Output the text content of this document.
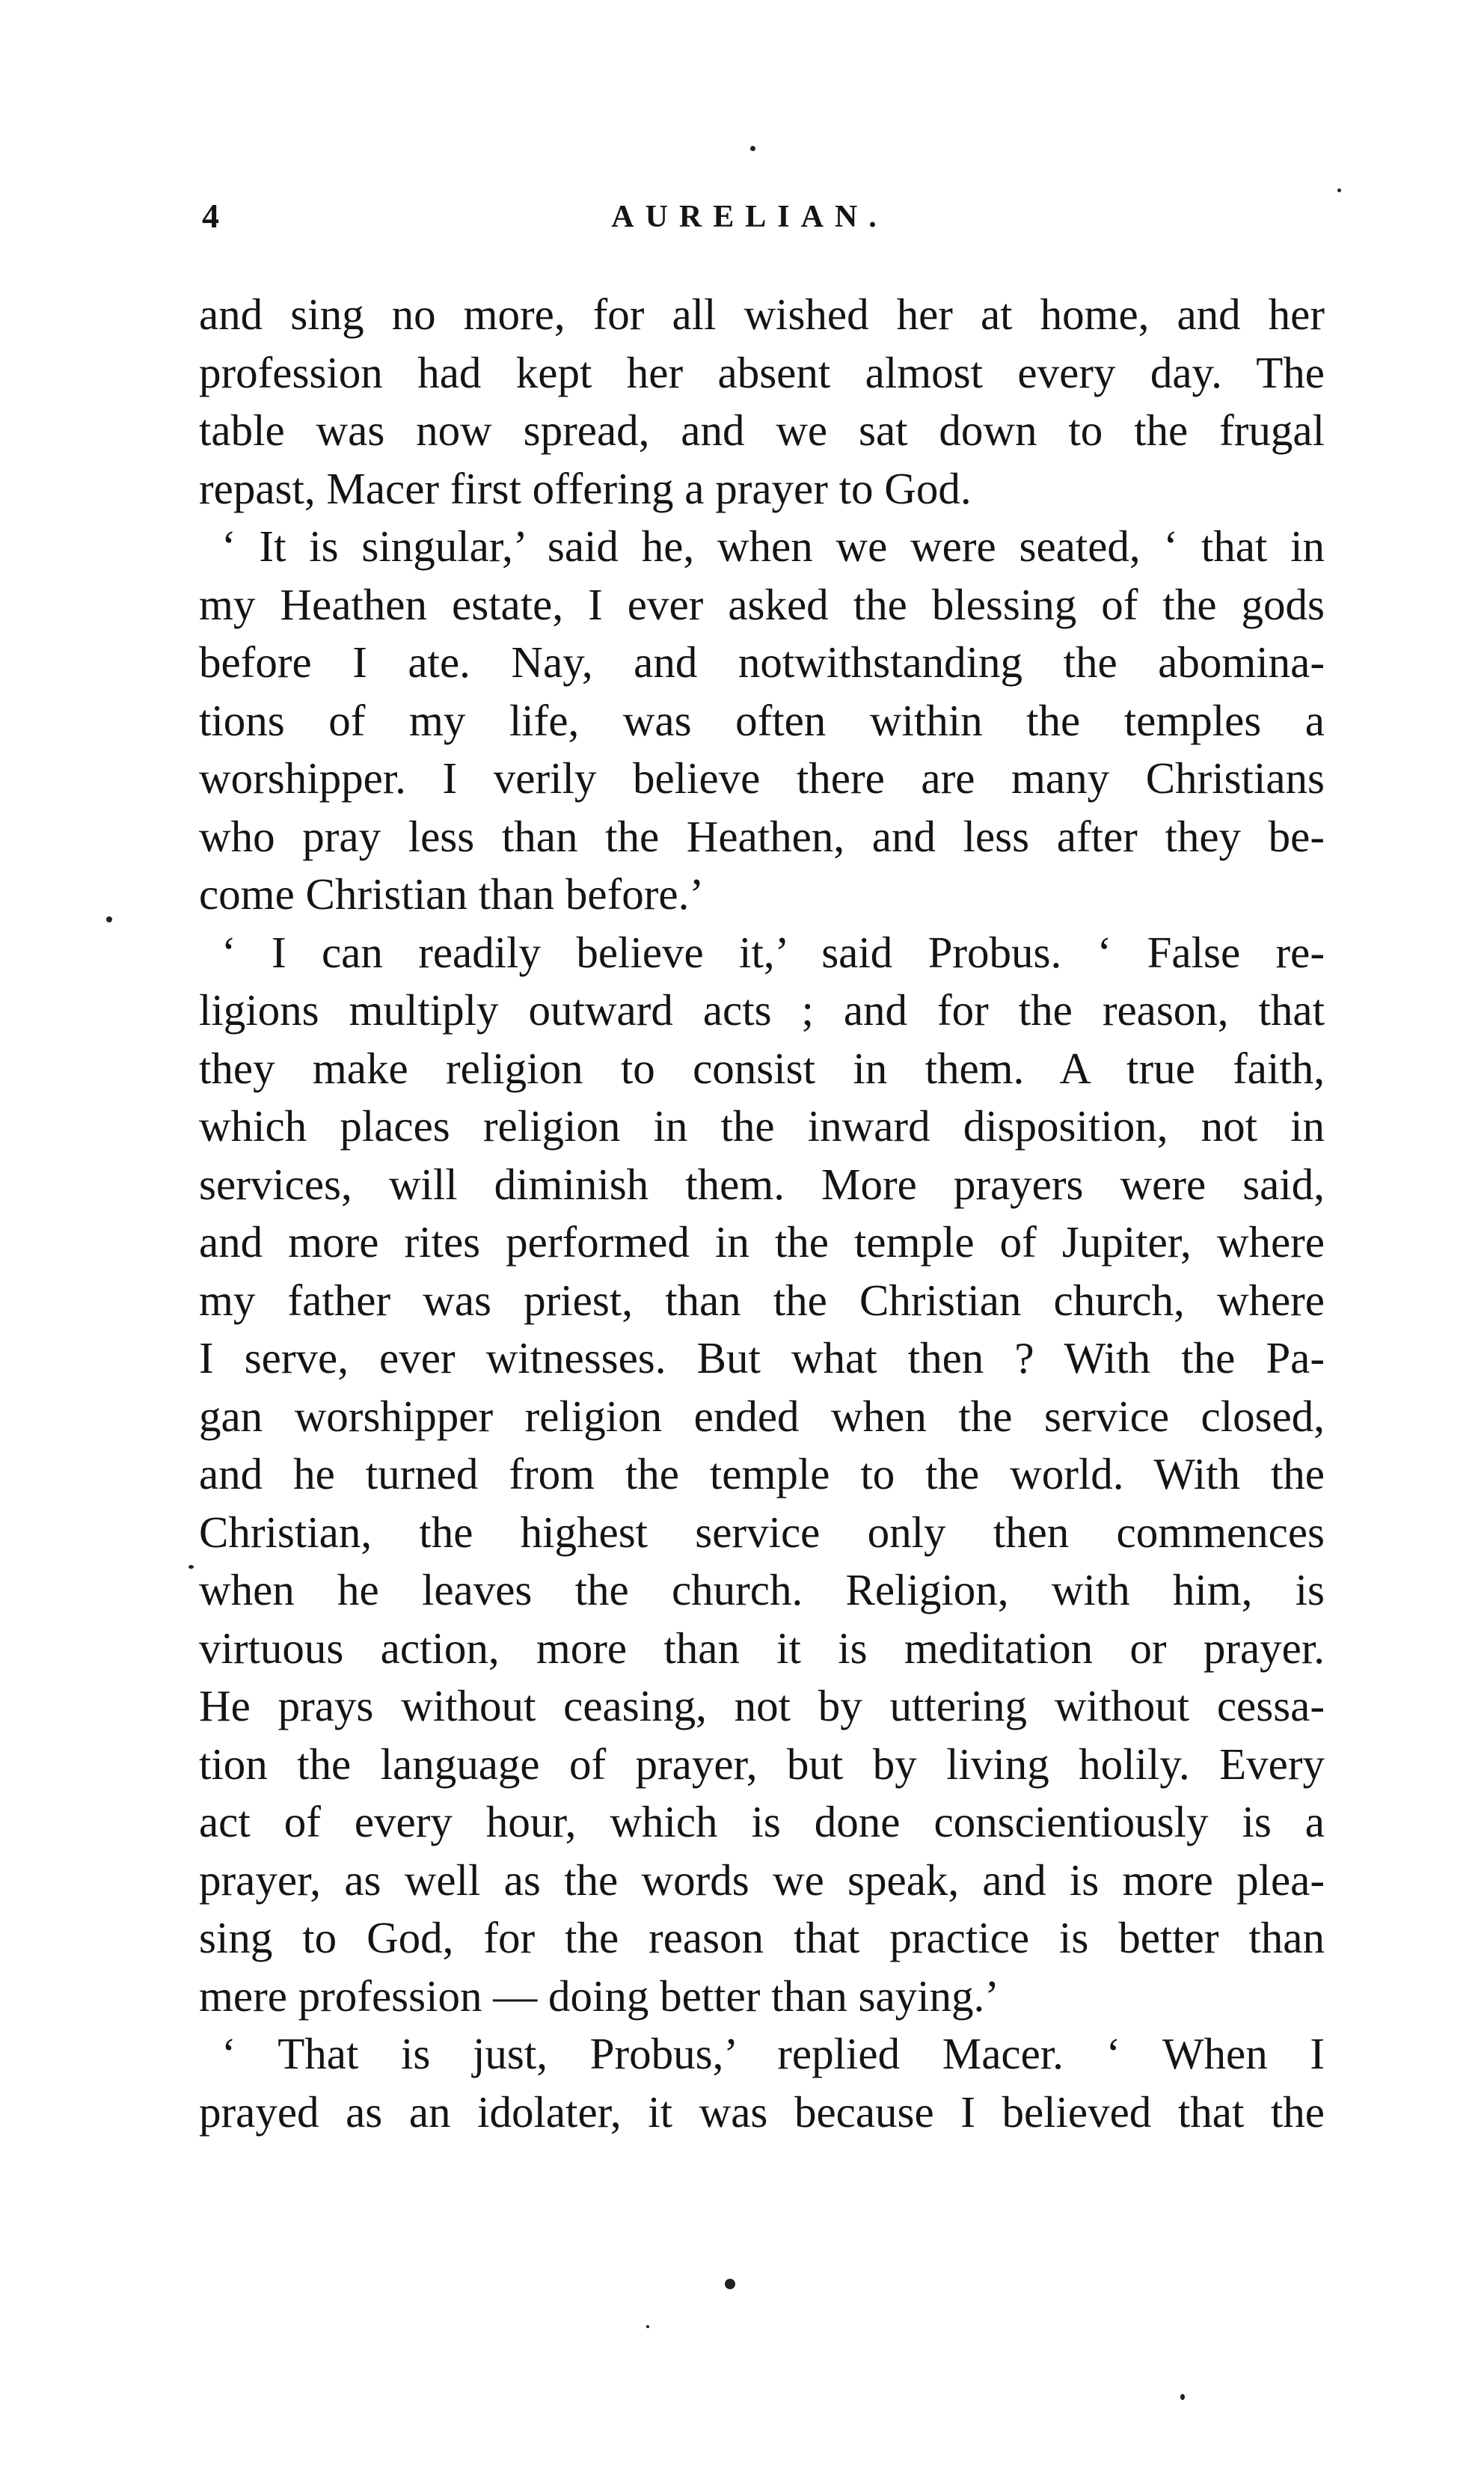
4	AURELIAN.
and sing no more, for all wished her at home, and her
profession had kept her absent almost every day. The
table was now spread, and we sat down to the frugal
repast, Macer first offering a prayer to God.
‘ It is singular,’ said he, when we were seated, ‘ that in
my Heathen estate, I ever asked the blessing of the gods
before I ate. Nay, and notwithstanding the abomina-
tions of my life, was often within the temples a
worshipper. I verily believe there are many Christians
who pray less than the Heathen, and less after they be-
come Christian than before.’
‘ I can readily believe it,’ said Probus. ‘ False re-
ligions multiply outward acts ; and for the reason, that
they make religion to consist in them. A true faith,
which places religion in the inward disposition, not in
services, will diminish them. More prayers were said,
and more rites performed in the temple of Jupiter, where
my father was priest, than the Christian church, where
I serve, ever witnesses. But what then ? With the Pa-
gan worshipper religion ended when the service closed,
and he turned from the temple to the world. With the
Christian, the highest service only then commences
when he leaves the church. Religion, with him, is
virtuous action, more than it is meditation or prayer.
He prays without ceasing, not by uttering without cessa-
tion the language of prayer, but by living holily. Every
act of every hour, which is done conscientiously is a
prayer, as well as the words we speak, and is more plea-
sing to God, for the reason that practice is better than
mere profession — doing better than saying.’
‘ That is just, Probus,’ replied Macer. ‘ When I
prayed as an idolater, it was because I believed that the
